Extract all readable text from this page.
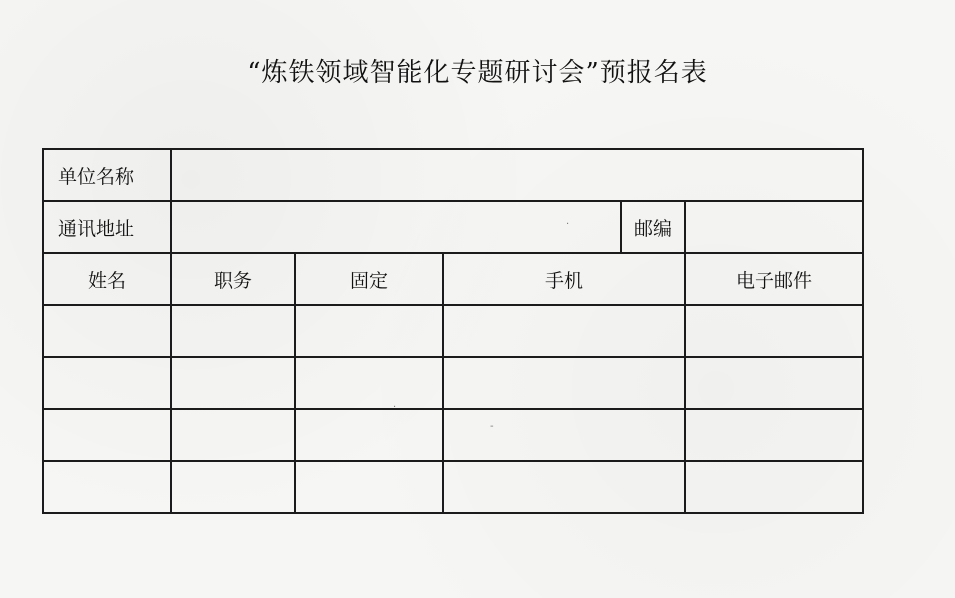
“炼铁领域智能化专题研讨会”预报名表
单位名称					
通讯地址				邮编	
姓名	职务	固定	手机		电子邮件

·
·
-
